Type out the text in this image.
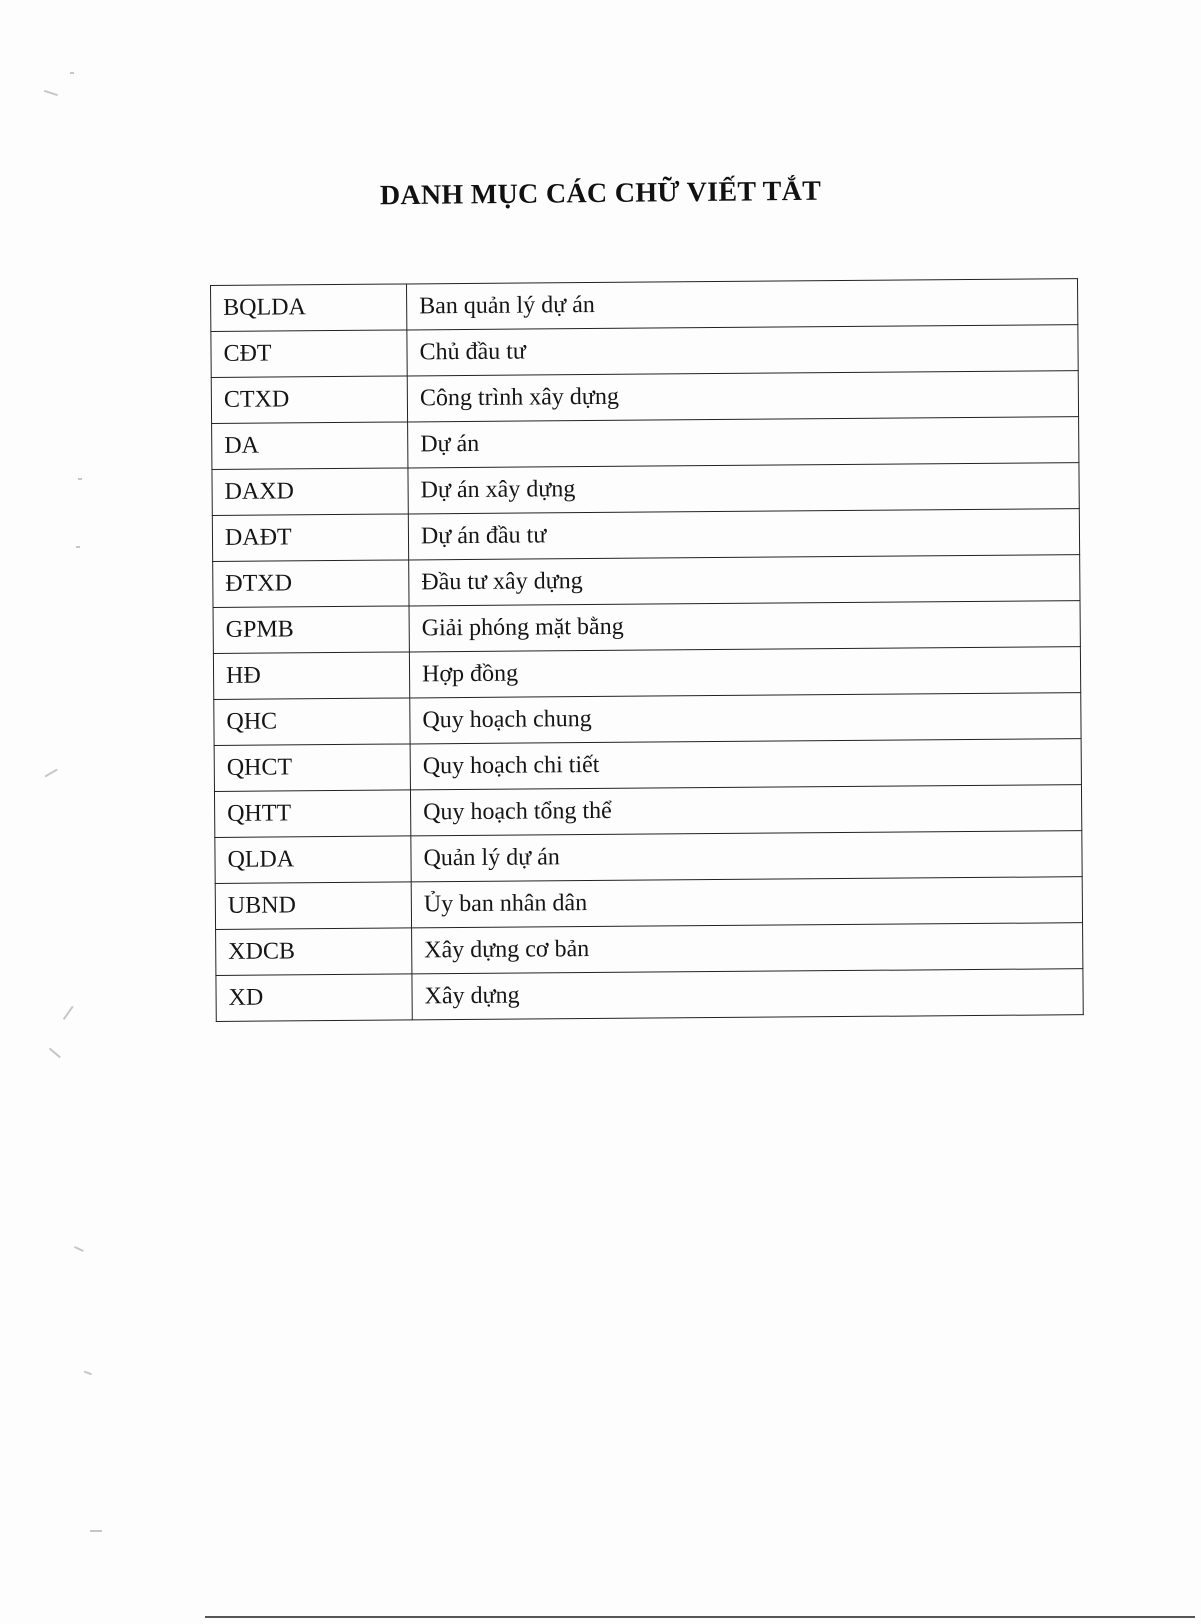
DANH MỤC CÁC CHỮ VIẾT TẮT
BQLDA	Ban quản lý dự án
CĐT	Chủ đầu tư
CTXD	Công trình xây dựng
DA	Dự án
DAXD	Dự án xây dựng
DAĐT	Dự án đầu tư
ĐTXD	Đầu tư xây dựng
GPMB	Giải phóng mặt bằng
HĐ	Hợp đồng
QHC	Quy hoạch chung
QHCT	Quy hoạch chi tiết
QHTT	Quy hoạch tổng thể
QLDA	Quản lý dự án
UBND	Ủy ban nhân dân
XDCB	Xây dựng cơ bản
XD	Xây dựng
